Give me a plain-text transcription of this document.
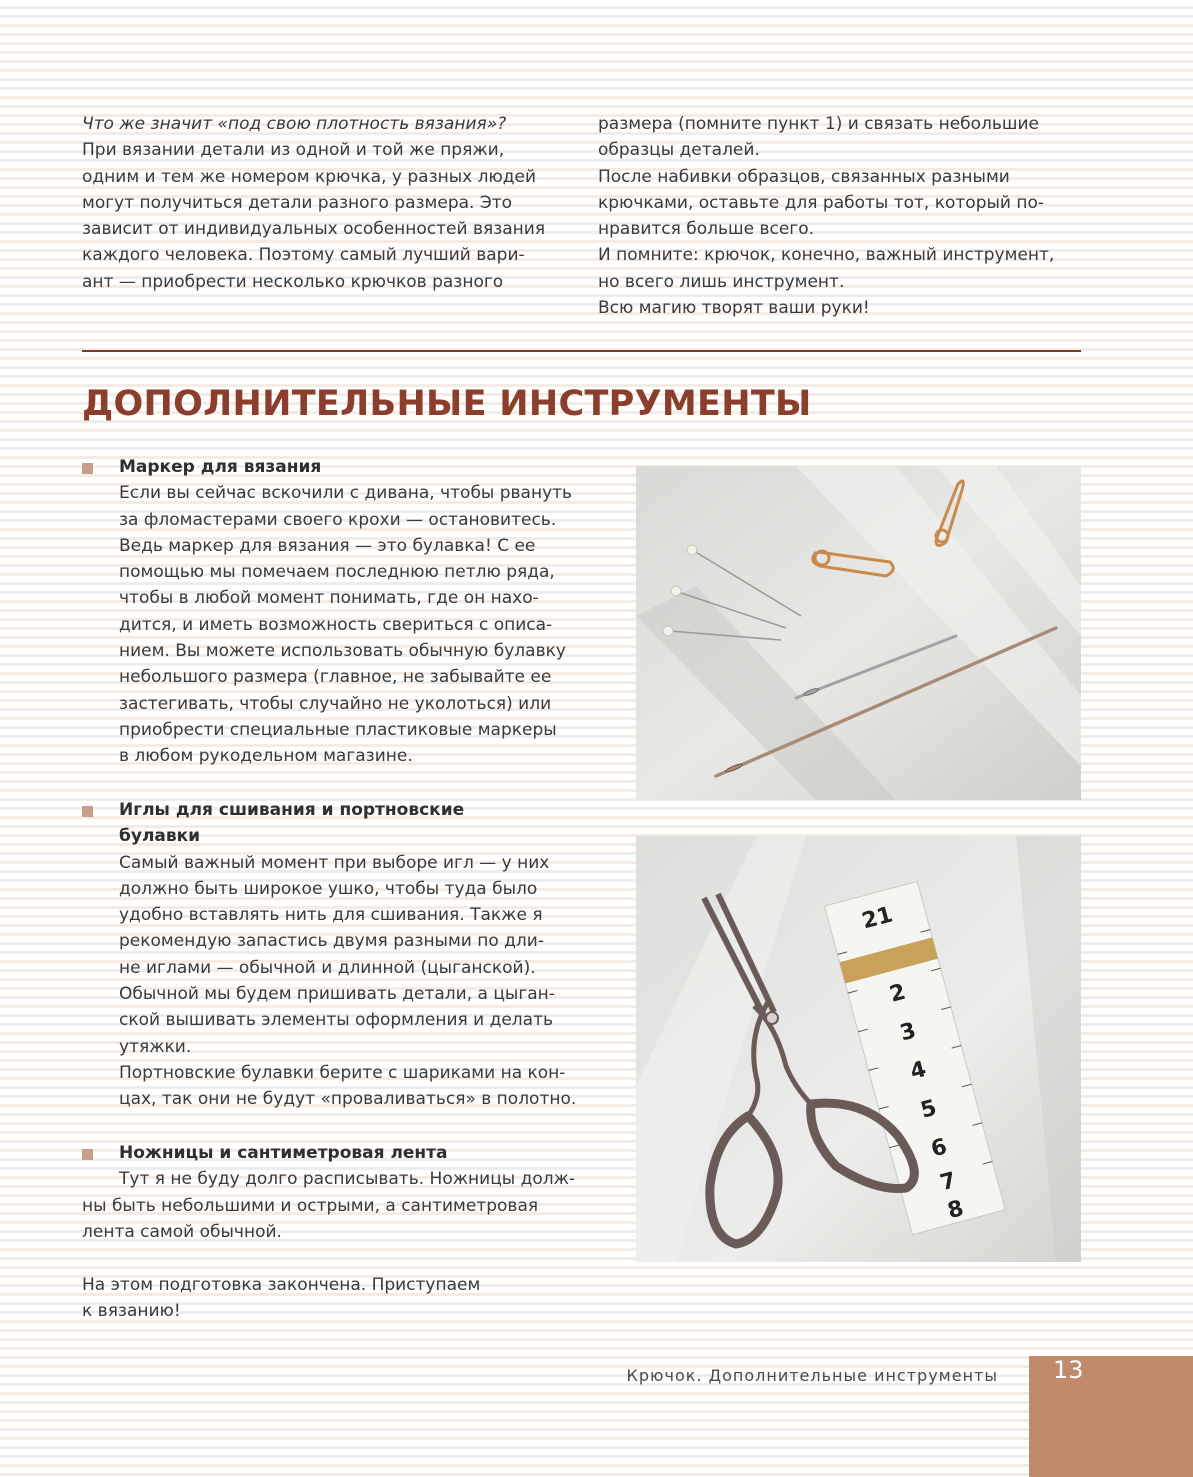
Что же значит «под свою плотность вязания»?

При вязании детали из одной и той же пряжи,

одним и тем же номером крючка, у разных людей

могут получиться детали разного размера. Это

зависит от индивидуальных особенностей вязания

каждого человека. Поэтому самый лучший вари-

ант — приобрести несколько крючков разного

размера (помните пункт 1) и связать небольшие

образцы деталей.

После набивки образцов, связанных разными

крючками, оставьте для работы тот, который по-

нравится больше всего.

И помните: крючок, конечно, важный инструмент,

но всего лишь инструмент.

Всю магию творят ваши руки!

ДОПОЛНИТЕЛЬНЫЕ ИНСТРУМЕНТЫ
Маркер для вязания
Если вы сейчас вскочили с дивана, чтобы рвануть
за фломастерами своего крохи — остановитесь.
Ведь маркер для вязания — это булавка! С ее
помощью мы помечаем последнюю петлю ряда,
чтобы в любой момент понимать, где он нахо-
дится, и иметь возможность свериться с описа-
нием. Вы можете использовать обычную булавку
небольшого размера (главное, не забывайте ее
застегивать, чтобы случайно не уколоться) или
приобрести специальные пластиковые маркеры
в любом рукодельном магазине.
Иглы для сшивания и портновские
булавки
Самый важный момент при выборе игл — у них
должно быть широкое ушко, чтобы туда было
удобно вставлять нить для сшивания. Также я
рекомендую запастись двумя разными по дли-
не иглами — обычной и длинной (цыганской).
Обычной мы будем пришивать детали, а цыган-
ской вышивать элементы оформления и делать
утяжки.
Портновские булавки берите с шариками на кон-
цах, так они не будут «проваливаться» в полотно.
Ножницы и сантиметровая лента
Тут я не буду долго расписывать. Ножницы долж-
ны быть небольшими и острыми, а сантиметровая
лента самой обычной.
На этом подготовка закончена. Приступаем
к вязанию!
21
2
3
4
5
6
7
8
Крючок. Дополнительные инструменты 13
